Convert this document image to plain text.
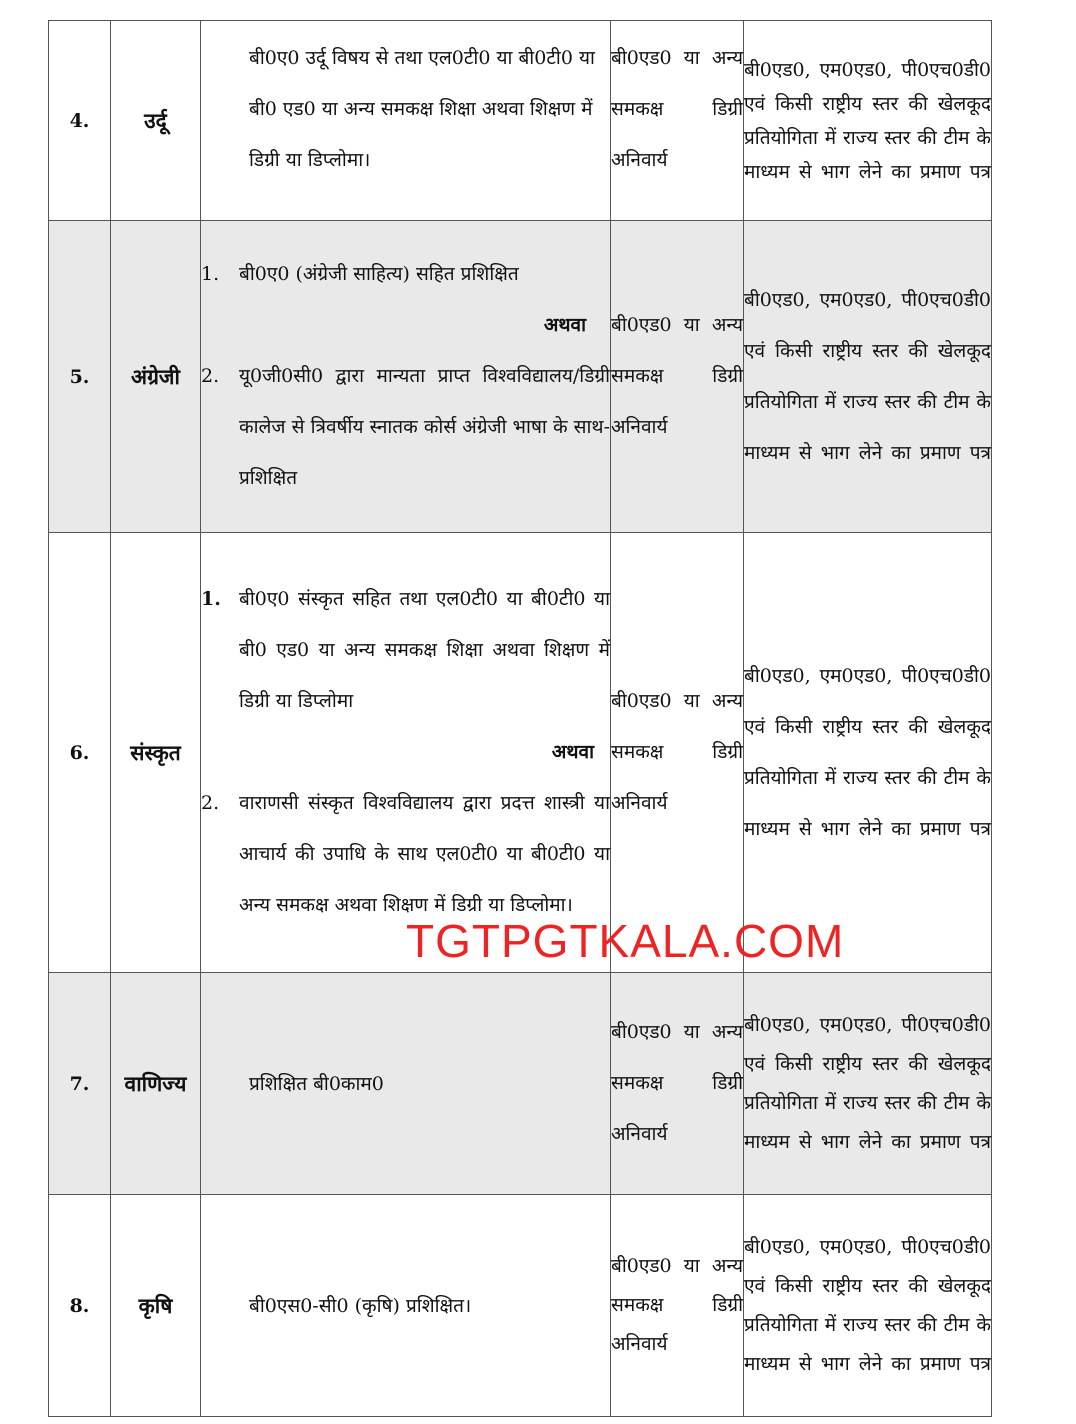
4.	उर्दू	बी0ए0 उर्दू विषय से तथा एल0टी0 या बी0टी0 या बी0 एड0 या अन्य समकक्ष शिक्षा अथवा शिक्षण में डिग्री या डिप्लोमा।	बी0एड0 या अन्य समकक्ष डिग्री अनिवार्य	बी0एड0, एम0एड0, पी0एच0डी0 एवं किसी राष्ट्रीय स्तर की खेलकूद प्रतियोगिता में राज्य स्तर की टीम के माध्यम से भाग लेने का प्रमाण पत्र
5.	अंग्रेजी	1. बी0ए0 (अंग्रेजी साहित्य) सहित प्रशिक्षित
अथवा
2. यू0जी0सी0 द्वारा मान्यता प्राप्त विश्वविद्यालय/डिग्री कालेज से त्रिवर्षीय स्नातक कोर्स अंग्रेजी भाषा के साथ- प्रशिक्षित	बी0एड0 या अन्य समकक्ष डिग्री अनिवार्य	बी0एड0, एम0एड0, पी0एच0डी0 एवं किसी राष्ट्रीय स्तर की खेलकूद प्रतियोगिता में राज्य स्तर की टीम के माध्यम से भाग लेने का प्रमाण पत्र
6.	संस्कृत	1. बी0ए0 संस्कृत सहित तथा एल0टी0 या बी0टी0 या बी0 एड0 या अन्य समकक्ष शिक्षा अथवा शिक्षण में डिग्री या डिप्लोमा
अथवा
2. वाराणसी संस्कृत विश्वविद्यालय द्वारा प्रदत्त शास्त्री या आचार्य की उपाधि के साथ एल0टी0 या बी0टी0 या अन्य समकक्ष अथवा शिक्षण में डिग्री या डिप्लोमा।	बी0एड0 या अन्य समकक्ष डिग्री अनिवार्य	बी0एड0, एम0एड0, पी0एच0डी0 एवं किसी राष्ट्रीय स्तर की खेलकूद प्रतियोगिता में राज्य स्तर की टीम के माध्यम से भाग लेने का प्रमाण पत्र
7.	वाणिज्य	प्रशिक्षित बी0काम0	बी0एड0 या अन्य समकक्ष डिग्री अनिवार्य	बी0एड0, एम0एड0, पी0एच0डी0 एवं किसी राष्ट्रीय स्तर की खेलकूद प्रतियोगिता में राज्य स्तर की टीम के माध्यम से भाग लेने का प्रमाण पत्र
8.	कृषि	बी0एस0-सी0 (कृषि) प्रशिक्षित।	बी0एड0 या अन्य समकक्ष डिग्री अनिवार्य	बी0एड0, एम0एड0, पी0एच0डी0 एवं किसी राष्ट्रीय स्तर की खेलकूद प्रतियोगिता में राज्य स्तर की टीम के माध्यम से भाग लेने का प्रमाण पत्र
TGTPGTKALA.COM
